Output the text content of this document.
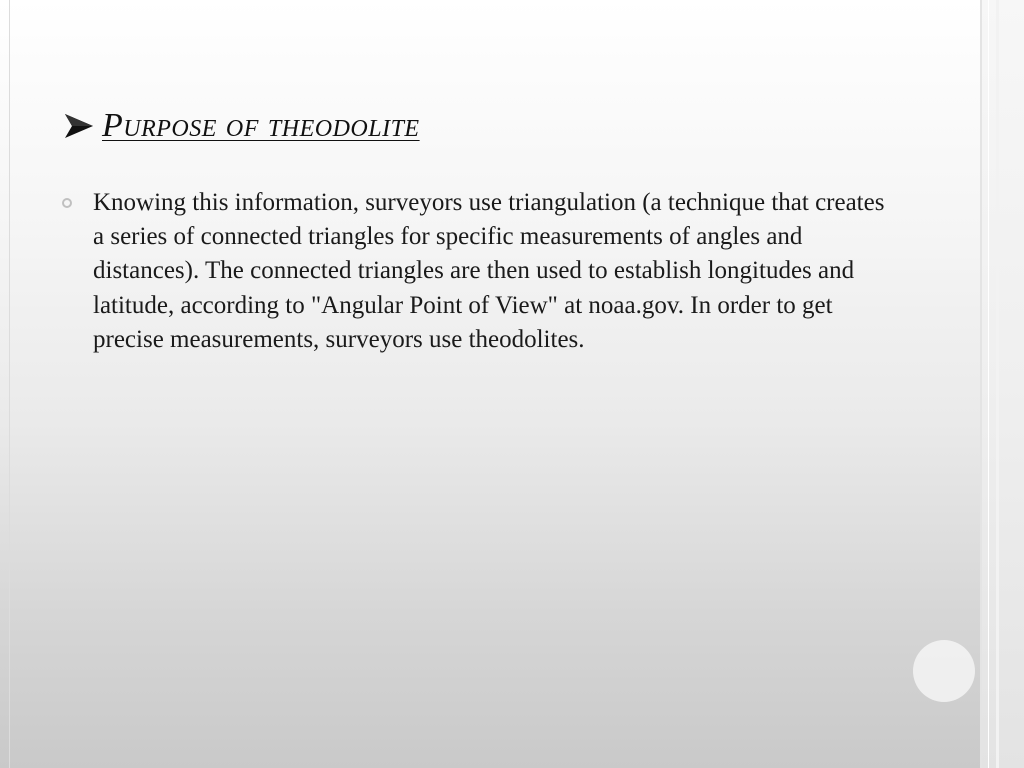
Purpose of theodolite
Knowing this information, surveyors use triangulation (a technique that creates a series of connected triangles for specific measurements of angles and distances). The connected triangles are then used to establish longitudes and latitude, according to "Angular Point of View" at noaa.gov. In order to get precise measurements, surveyors use theodolites.
